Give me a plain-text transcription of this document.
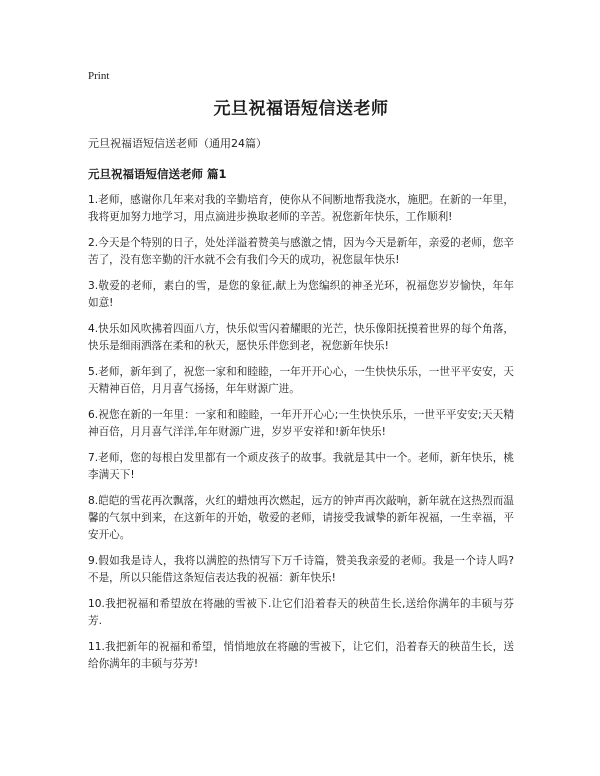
Print
元旦祝福语短信送老师
元旦祝福语短信送老师（通用24篇）
元旦祝福语短信送老师 篇1
1.老师，感谢你几年来对我的辛勤培育，使你从不间断地帮我浇水，施肥。在新的一年里，我将更加努力地学习，用点滴进步换取老师的辛苦。祝您新年快乐，工作顺利!
2.今天是个特别的日子，处处洋溢着赞美与感激之情，因为今天是新年，亲爱的老师，您辛苦了，没有您辛勤的汗水就不会有我们今天的成功，祝您鼠年快乐!
3.敬爱的老师，素白的雪，是您的象征,献上为您编织的神圣光环，祝福您岁岁愉快，年年如意!
4.快乐如风吹拂着四面八方，快乐似雪闪着耀眼的光芒，快乐像阳抚摸着世界的每个角落，快乐是细雨洒落在柔和的秋天，愿快乐伴您到老，祝您新年快乐!
5.老师，新年到了，祝您一家和和睦睦，一年开开心心，一生快快乐乐，一世平平安安，天天精神百倍，月月喜气扬扬，年年财源广进。
6.祝您在新的一年里：一家和和睦睦，一年开开心心;一生快快乐乐，一世平平安安;天天精神百倍，月月喜气洋洋,年年财源广进，岁岁平安祥和!新年快乐!
7.老师，您的每根白发里都有一个顽皮孩子的故事。我就是其中一个。老师，新年快乐，桃李满天下!
8.皑皑的雪花再次飘落，火红的蜡烛再次燃起，远方的钟声再次敲响，新年就在这热烈而温馨的气氛中到来，在这新年的开始，敬爱的老师，请接受我诚挚的新年祝福，一生幸福，平安开心。
9.假如我是诗人，我将以满腔的热情写下万千诗篇，赞美我亲爱的老师。我是一个诗人吗?不是，所以只能借这条短信表达我的祝福：新年快乐!
10.我把祝福和希望放在将融的雪被下.让它们沿着春天的秧苗生长,送给你满年的丰硕与芬芳.
11.我把新年的祝福和希望，悄悄地放在将融的雪被下，让它们，沿着春天的秧苗生长，送给你满年的丰硕与芬芳!
